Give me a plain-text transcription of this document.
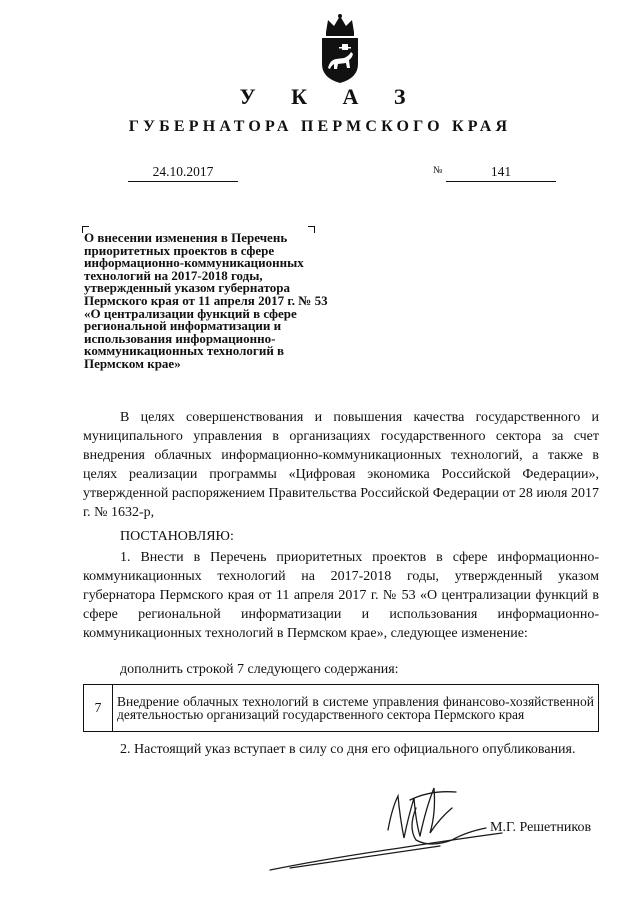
У К А З
ГУБЕРНАТОРА ПЕРМСКОГО КРАЯ
24.10.2017	№	141
О внесении изменения в Перечень приоритетных проектов в сфере информационно-коммуникационных технологий на 2017-2018 годы, утвержденный указом губернатора Пермского края от 11 апреля 2017 г. № 53 «О централизации функций в сфере региональной информатизации и использования информационно-коммуникационных технологий в Пермском крае»

В целях совершенствования и повышения качества государственного и муниципального управления в организациях государственного сектора за счет внедрения облачных информационно-коммуникационных технологий, а также в целях реализации программы «Цифровая экономика Российской Федерации», утвержденной распоряжением Правительства Российской Федерации от 28 июля 2017 г. № 1632-р,

ПОСТАНОВЛЯЮ:

1. Внести в Перечень приоритетных проектов в сфере информационно-коммуникационных технологий на 2017-2018 годы, утвержденный указом губернатора Пермского края от 11 апреля 2017 г. № 53 «О централизации функций в сфере региональной информатизации и использования информационно-коммуникационных технологий в Пермском крае», следующее изменение:

дополнить строкой 7 следующего содержания:
7	Внедрение облачных технологий в системе управления финансово-хозяйственной деятельностью организаций государственного сектора Пермского края

2. Настоящий указ вступает в силу со дня его официального опубликования.

М.Г. Решетников
